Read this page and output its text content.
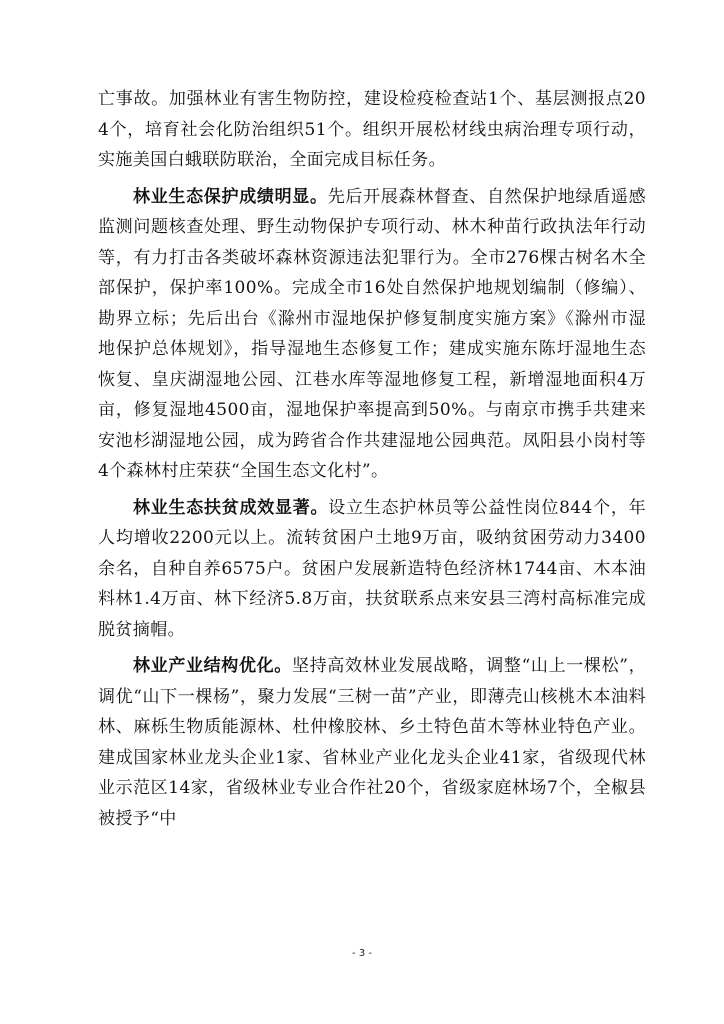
亡事故。加强林业有害生物防控，建设检疫检查站1个、基层测报点204个，培育社会化防治组织51个。组织开展松材线虫病治理专项行动，实施美国白蛾联防联治，全面完成目标任务。

林业生态保护成绩明显。先后开展森林督查、自然保护地绿盾遥感监测问题核查处理、野生动物保护专项行动、林木种苗行政执法年行动等，有力打击各类破坏森林资源违法犯罪行为。全市276棵古树名木全部保护，保护率100%。完成全市16处自然保护地规划编制（修编）、勘界立标；先后出台《滁州市湿地保护修复制度实施方案》《滁州市湿地保护总体规划》，指导湿地生态修复工作；建成实施东陈圩湿地生态恢复、皇庆湖湿地公园、江巷水库等湿地修复工程，新增湿地面积4万亩，修复湿地4500亩，湿地保护率提高到50%。与南京市携手共建来安池杉湖湿地公园，成为跨省合作共建湿地公园典范。凤阳县小岗村等4个森林村庄荣获“全国生态文化村”。

林业生态扶贫成效显著。设立生态护林员等公益性岗位844个，年人均增收2200元以上。流转贫困户土地9万亩，吸纳贫困劳动力3400余名，自种自养6575户。贫困户发展新造特色经济林1744亩、木本油料林1.4万亩、林下经济5.8万亩，扶贫联系点来安县三湾村高标准完成脱贫摘帽。

林业产业结构优化。坚持高效林业发展战略，调整“山上一棵松”，调优“山下一棵杨”，聚力发展“三树一苗”产业，即薄壳山核桃木本油料林、麻栎生物质能源林、杜仲橡胶林、乡土特色苗木等林业特色产业。建成国家林业龙头企业1家、省林业产业化龙头企业41家，省级现代林业示范区14家，省级林业专业合作社20个，省级家庭林场7个，全椒县被授予“中

- 3 -
